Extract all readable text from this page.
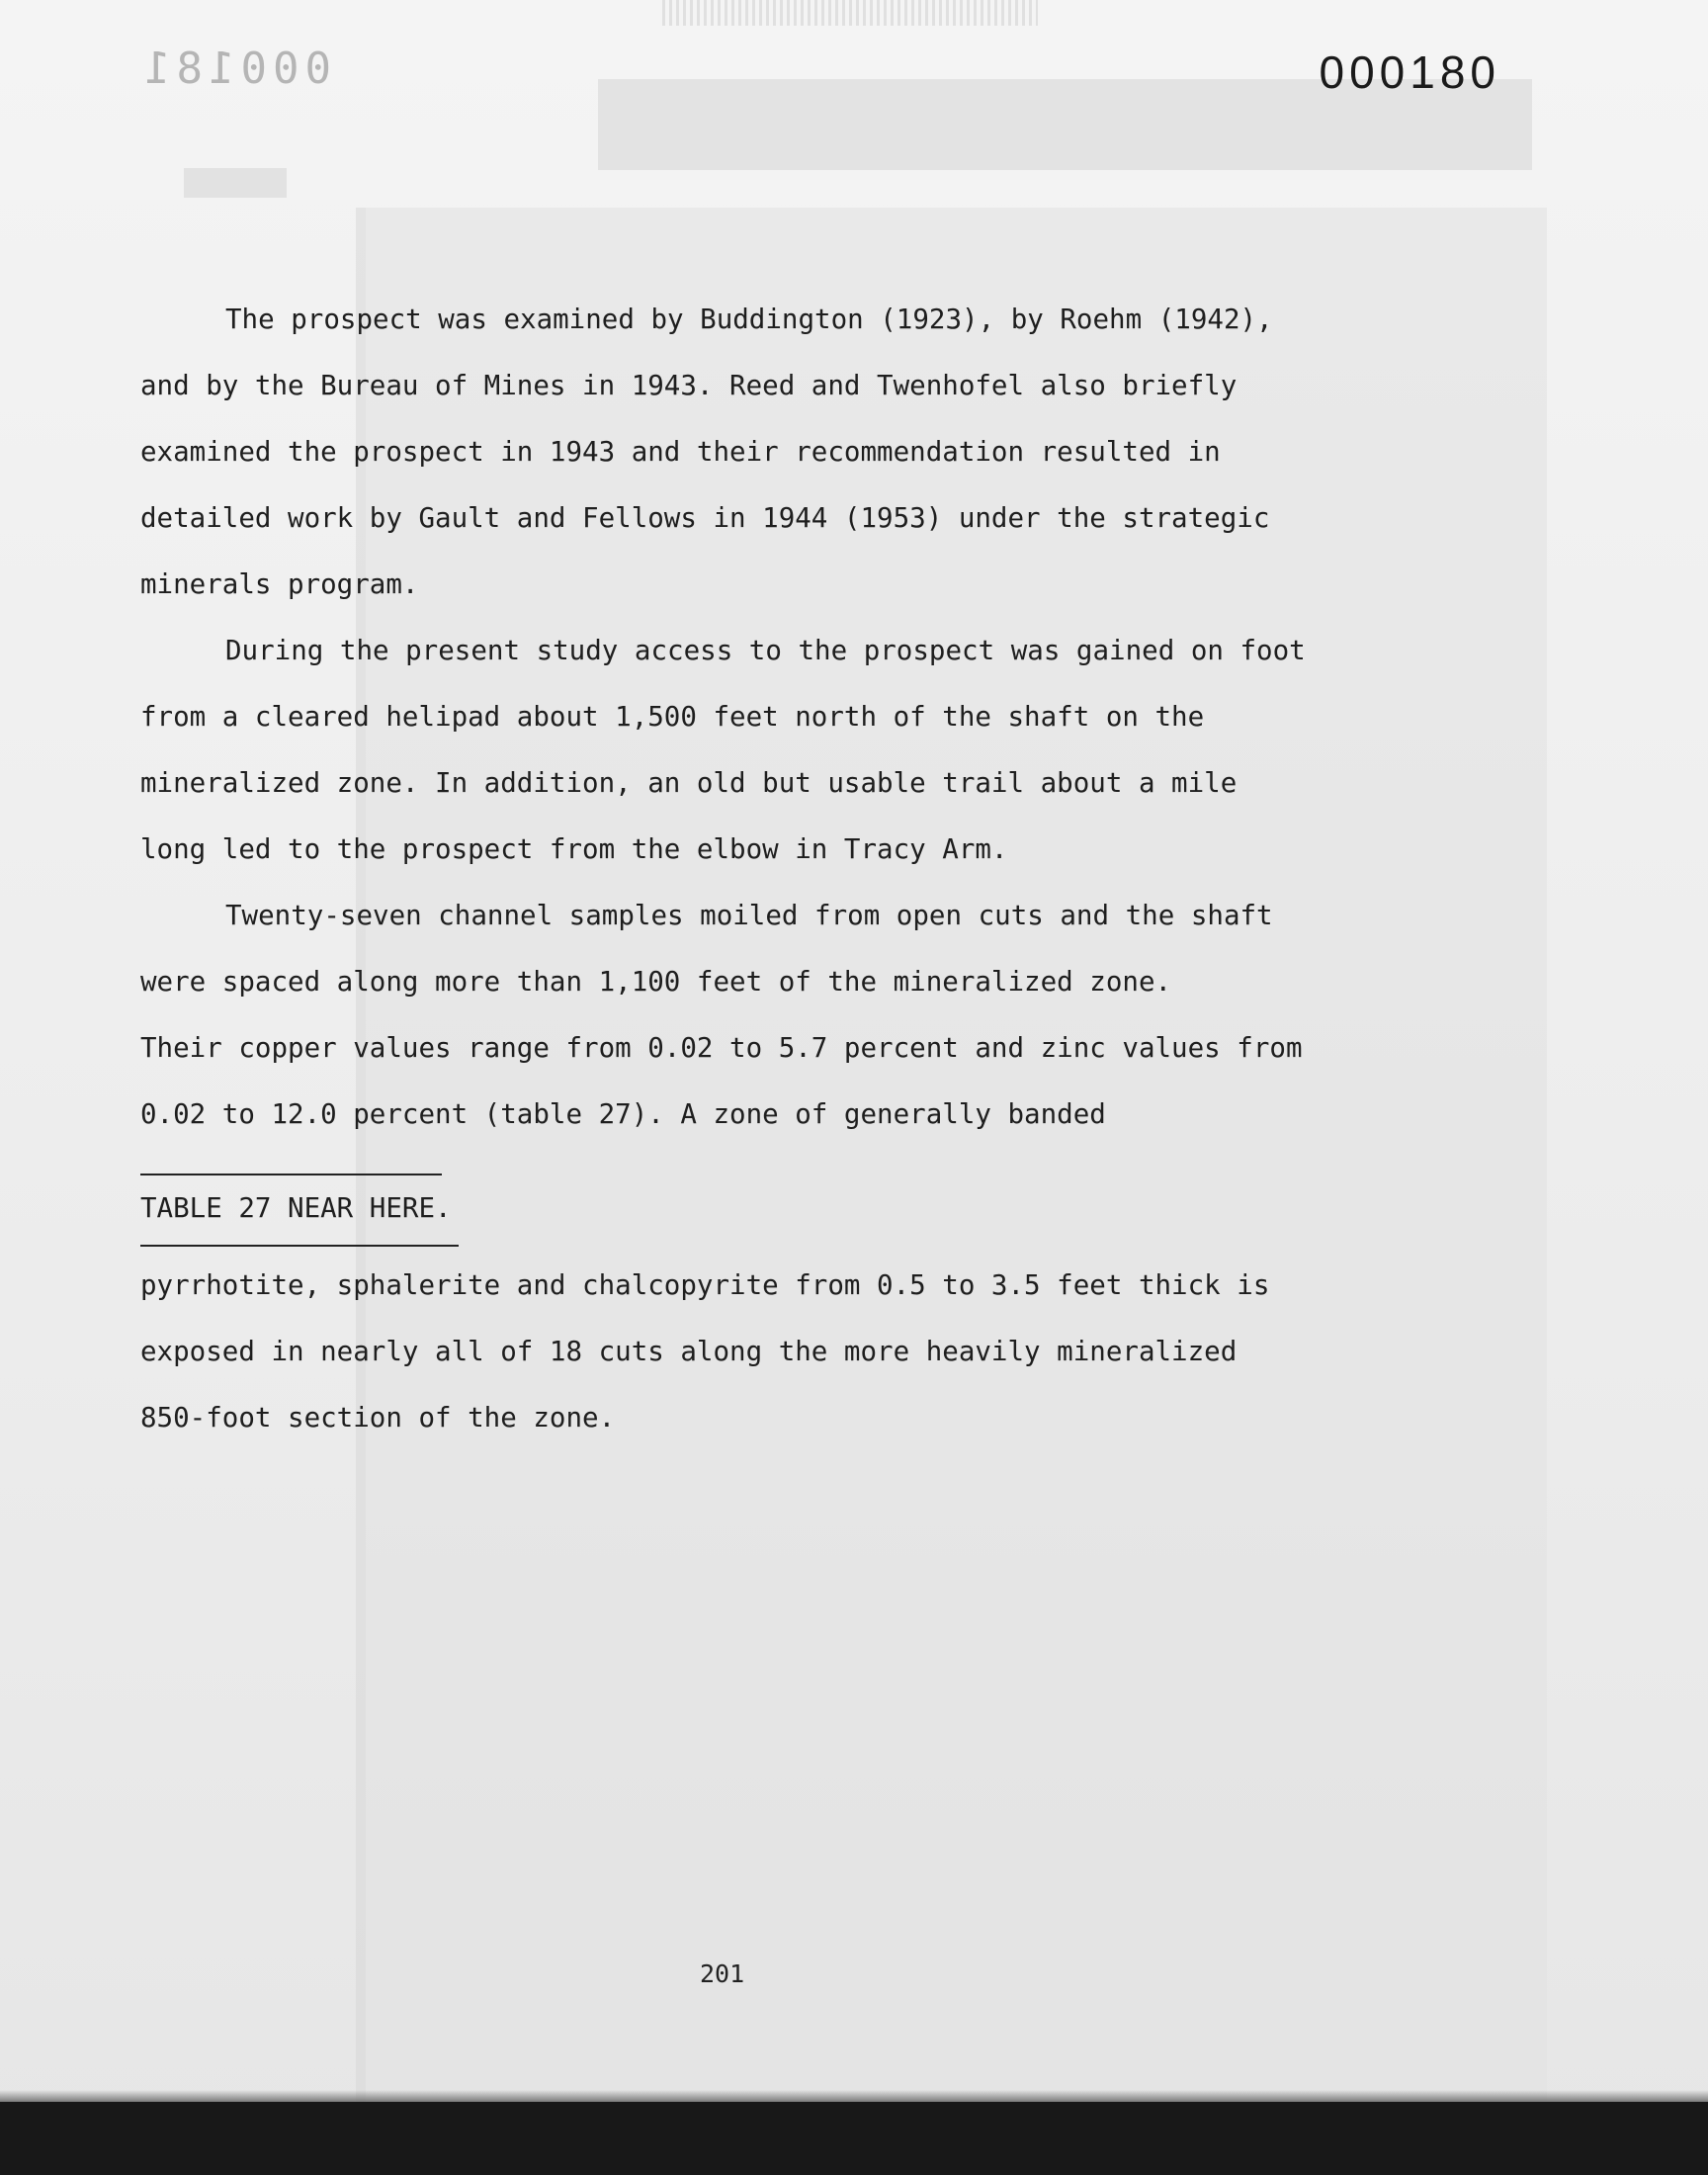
000181	000180

The prospect was examined by Buddington (1923), by Roehm (1942),
and by the Bureau of Mines in 1943. Reed and Twenhofel also briefly
examined the prospect in 1943 and their recommendation resulted in
detailed work by Gault and Fellows in 1944 (1953) under the strategic
minerals program.

During the present study access to the prospect was gained on foot
from a cleared helipad about 1,500 feet north of the shaft on the
mineralized zone. In addition, an old but usable trail about a mile
long led to the prospect from the elbow in Tracy Arm.

Twenty-seven channel samples moiled from open cuts and the shaft
were spaced along more than 1,100 feet of the mineralized zone.
Their copper values range from 0.02 to 5.7 percent and zinc values from
0.02 to 12.0 percent (table 27). A zone of generally banded

TABLE 27 NEAR HERE.

pyrrhotite, sphalerite and chalcopyrite from 0.5 to 3.5 feet thick is
exposed in nearly all of 18 cuts along the more heavily mineralized
850-foot section of the zone.

201
